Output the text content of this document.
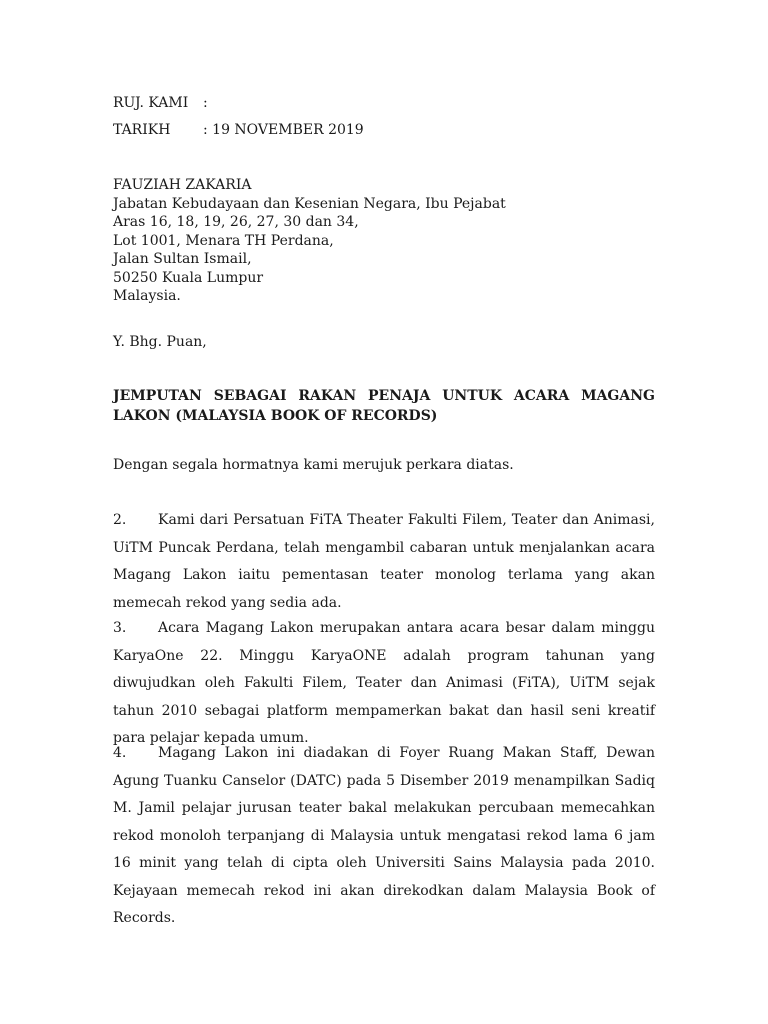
RUJ. KAMI :
TARIKH : 19 NOVEMBER 2019
FAUZIAH ZAKARIA
Jabatan Kebudayaan dan Kesenian Negara, Ibu Pejabat
Aras 16, 18, 19, 26, 27, 30 dan 34,
Lot 1001, Menara TH Perdana,
Jalan Sultan Ismail,
50250 Kuala Lumpur
Malaysia.
Y. Bhg. Puan,
JEMPUTAN SEBAGAI RAKAN PENAJA UNTUK ACARA MAGANG LAKON (MALAYSIA BOOK OF RECORDS)
Dengan segala hormatnya kami merujuk perkara diatas.
2. Kami dari Persatuan FiTA Theater Fakulti Filem, Teater dan Animasi, UiTM Puncak Perdana, telah mengambil cabaran untuk menjalankan acara Magang Lakon iaitu pementasan teater monolog terlama yang akan memecah rekod yang sedia ada.
3. Acara Magang Lakon merupakan antara acara besar dalam minggu KaryaOne 22. Minggu KaryaONE adalah program tahunan yang diwujudkan oleh Fakulti Filem, Teater dan Animasi (FiTA), UiTM sejak tahun 2010 sebagai platform mempamerkan bakat dan hasil seni kreatif para pelajar kepada umum.
4. Magang Lakon ini diadakan di Foyer Ruang Makan Staff, Dewan Agung Tuanku Canselor (DATC) pada 5 Disember 2019 menampilkan Sadiq M. Jamil pelajar jurusan teater bakal melakukan percubaan memecahkan rekod monoloh terpanjang di Malaysia untuk mengatasi rekod lama 6 jam 16 minit yang telah di cipta oleh Universiti Sains Malaysia pada 2010. Kejayaan memecah rekod ini akan direkodkan dalam Malaysia Book of Records.
